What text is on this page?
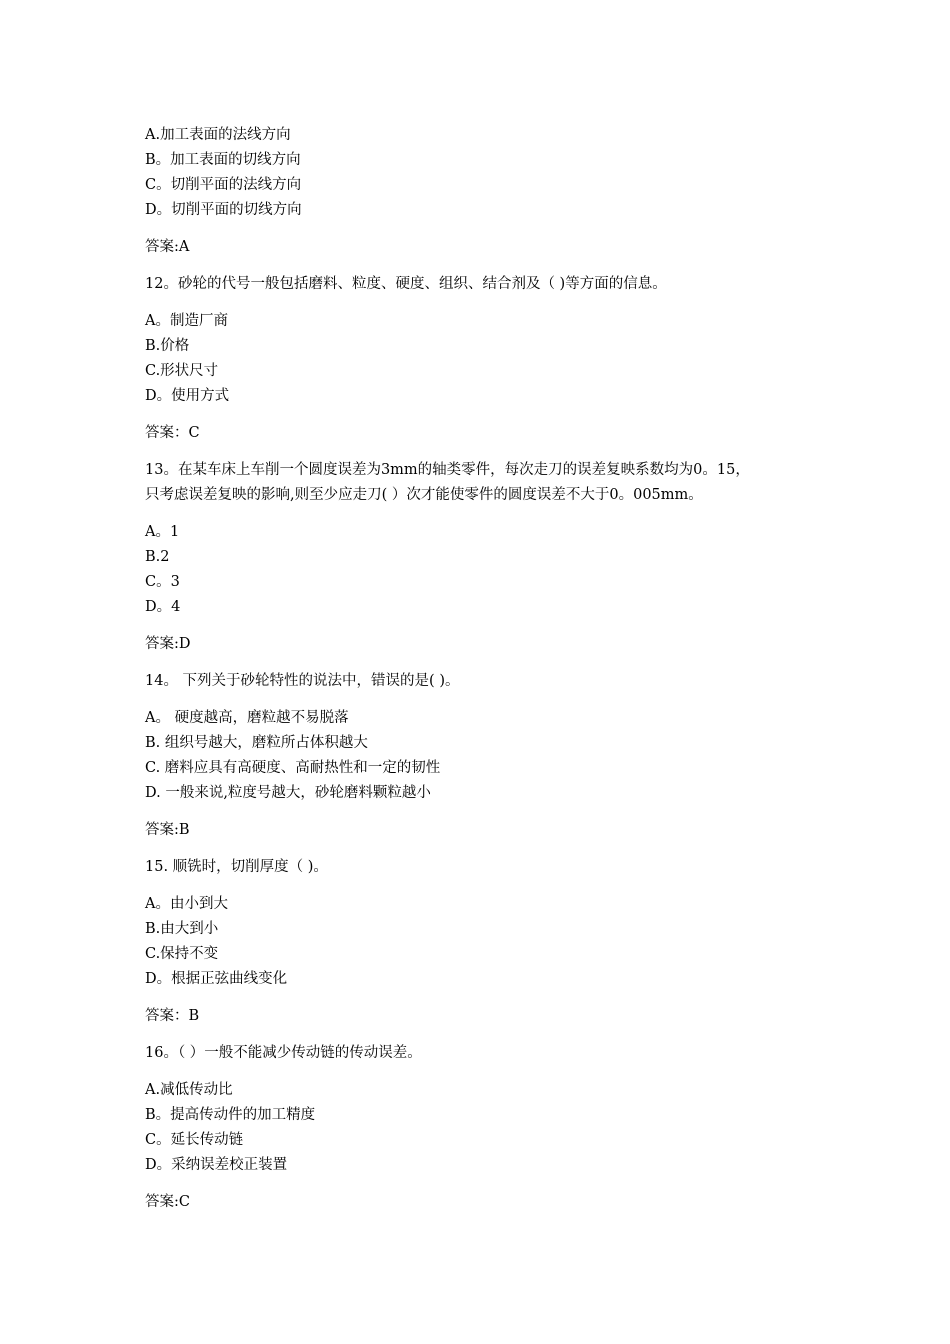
A.加工表面的法线方向
B。加工表面的切线方向
C。切削平面的法线方向
D。切削平面的切线方向
答案:A
12。砂轮的代号一般包括磨料、粒度、硬度、组织、结合剂及（ )等方面的信息。
A。制造厂商
B.价格
C.形状尺寸
D。使用方式
答案：C
13。在某车床上车削一个圆度误差为3mm的轴类零件，每次走刀的误差复映系数均为0。15，
只考虑误差复映的影响,则至少应走刀( ）次才能使零件的圆度误差不大于0。005mm。
A。1
B.2
C。3
D。4
答案:D
14。 下列关于砂轮特性的说法中，错误的是( )。
A。 硬度越高，磨粒越不易脱落
B. 组织号越大，磨粒所占体积越大
C. 磨料应具有高硬度、高耐热性和一定的韧性
D. 一般来说,粒度号越大，砂轮磨料颗粒越小
答案:B
15. 顺铣时，切削厚度（ )。
A。由小到大
B.由大到小
C.保持不变
D。根据正弦曲线变化
答案：B
16。（ ）一般不能减少传动链的传动误差。
A.减低传动比
B。提高传动件的加工精度
C。延长传动链
D。采纳误差校正装置
答案:C
